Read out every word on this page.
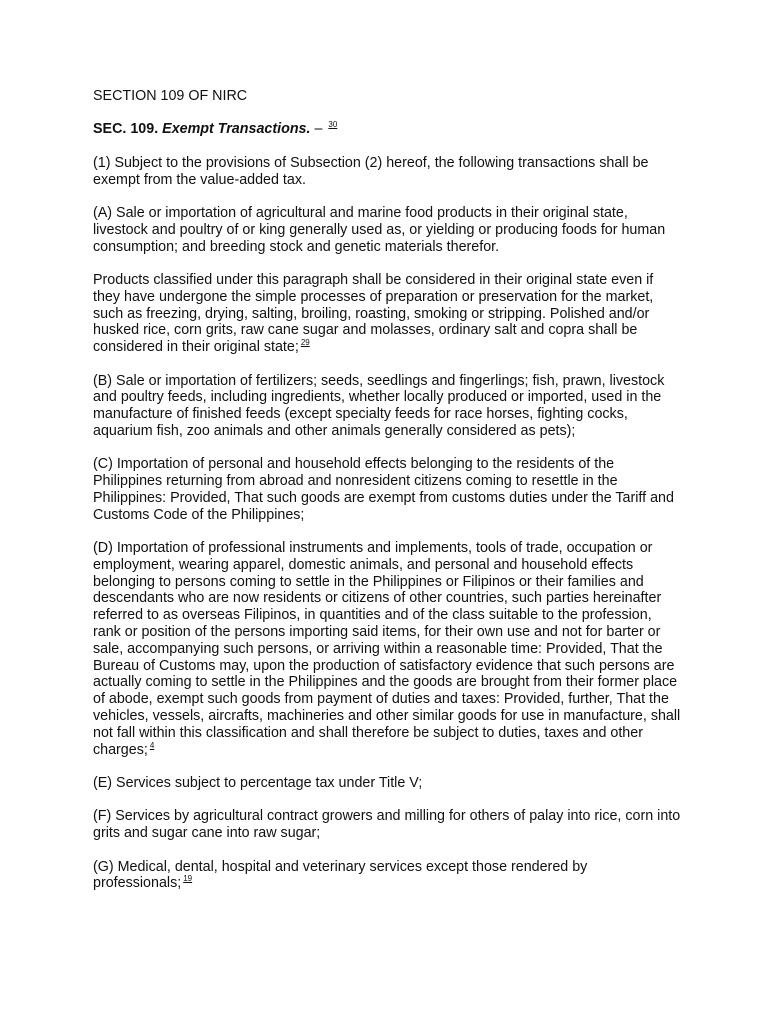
SECTION 109 OF NIRC

SEC. 109. Exempt Transactions. – $^{30}$

(1) Subject to the provisions of Subsection (2) hereof, the following transactions shall be exempt from the value-added tax.

(A) Sale or importation of agricultural and marine food products in their original state, livestock and poultry of or king generally used as, or yielding or producing foods for human consumption; and breeding stock and genetic materials therefor.

Products classified under this paragraph shall be considered in their original state even if they have undergone the simple processes of preparation or preservation for the market, such as freezing, drying, salting, broiling, roasting, smoking or stripping. Polished and/or husked rice, corn grits, raw cane sugar and molasses, ordinary salt and copra shall be considered in their original state; $^{29}$

(B) Sale or importation of fertilizers; seeds, seedlings and fingerlings; fish, prawn, livestock and poultry feeds, including ingredients, whether locally produced or imported, used in the manufacture of finished feeds (except specialty feeds for race horses, fighting cocks, aquarium fish, zoo animals and other animals generally considered as pets);

(C) Importation of personal and household effects belonging to the residents of the Philippines returning from abroad and nonresident citizens coming to resettle in the Philippines: Provided, That such goods are exempt from customs duties under the Tariff and Customs Code of the Philippines;

(D) Importation of professional instruments and implements, tools of trade, occupation or employment, wearing apparel, domestic animals, and personal and household effects belonging to persons coming to settle in the Philippines or Filipinos or their families and descendants who are now residents or citizens of other countries, such parties hereinafter referred to as overseas Filipinos, in quantities and of the class suitable to the profession, rank or position of the persons importing said items, for their own use and not for barter or sale, accompanying such persons, or arriving within a reasonable time: Provided, That the Bureau of Customs may, upon the production of satisfactory evidence that such persons are actually coming to settle in the Philippines and the goods are brought from their former place of abode, exempt such goods from payment of duties and taxes: Provided, further, That the vehicles, vessels, aircrafts, machineries and other similar goods for use in manufacture, shall not fall within this classification and shall therefore be subject to duties, taxes and other charges; $^4$

(E) Services subject to percentage tax under Title V;

(F) Services by agricultural contract growers and milling for others of palay into rice, corn into grits and sugar cane into raw sugar;

(G) Medical, dental, hospital and veterinary services except those rendered by professionals; $^{19}$
